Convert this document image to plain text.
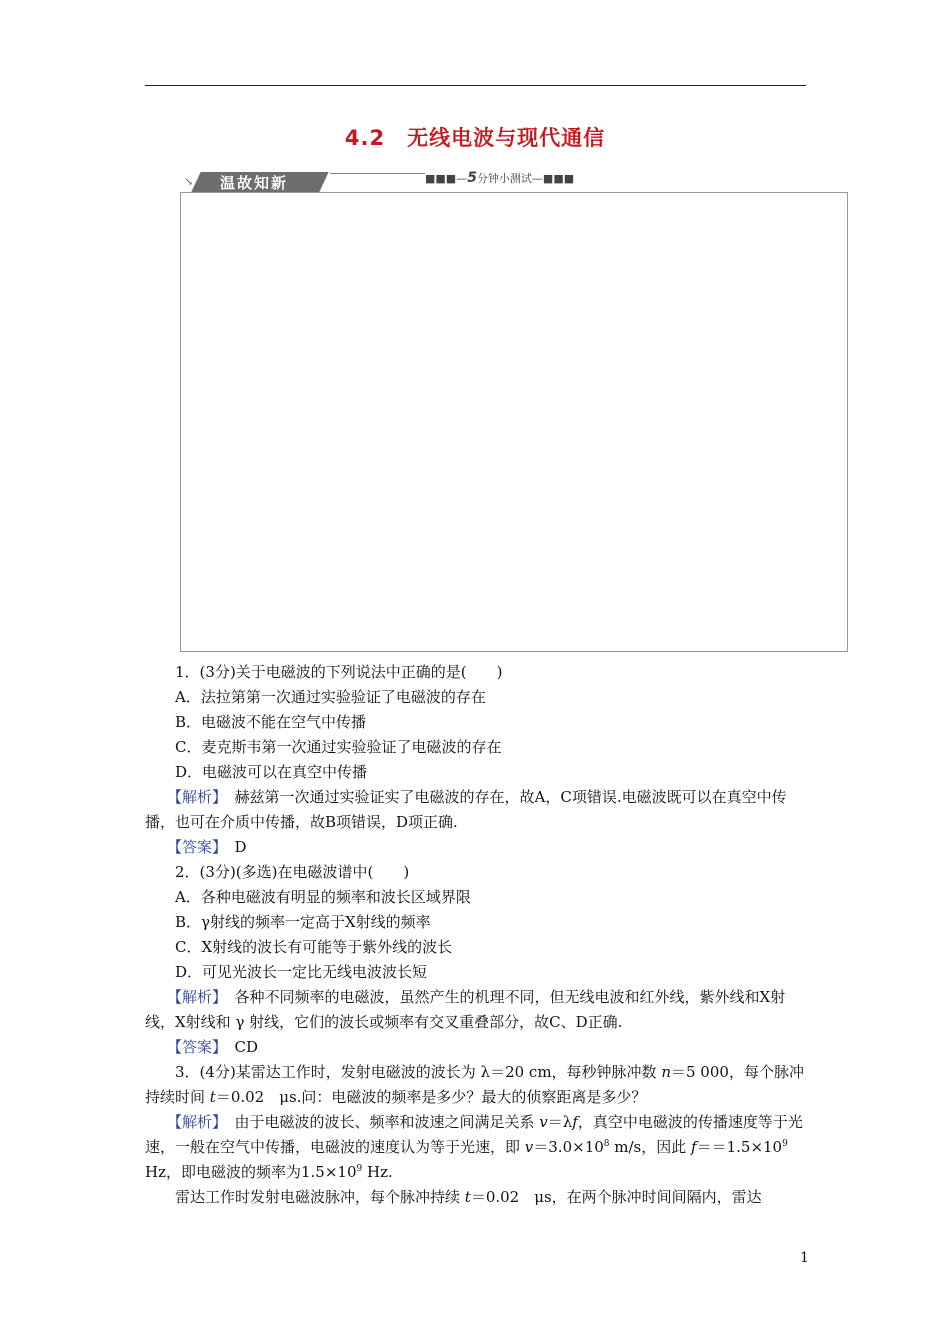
4.2　无线电波与现代通信
↘ 温故知新	■■■—5分钟小测试—■■■

1．(3分)关于电磁波的下列说法中正确的是(　　)

A．法拉第第一次通过实验验证了电磁波的存在

B．电磁波不能在空气中传播

C．麦克斯韦第一次通过实验验证了电磁波的存在

D．电磁波可以在真空中传播

【解析】　赫兹第一次通过实验证实了电磁波的存在，故A，C项错误.电磁波既可以在真空中传播，也可在介质中传播，故B项错误，D项正确.

【答案】　D

2．(3分)(多选)在电磁波谱中(　　)

A．各种电磁波有明显的频率和波长区域界限

B．γ射线的频率一定高于X射线的频率

C．X射线的波长有可能等于紫外线的波长

D．可见光波长一定比无线电波波长短

【解析】　各种不同频率的电磁波，虽然产生的机理不同，但无线电波和红外线，紫外线和X射线，X射线和 γ 射线，它们的波长或频率有交叉重叠部分，故C、D正确.

【答案】　CD

3．(4分)某雷达工作时，发射电磁波的波长为 λ＝20 cm，每秒钟脉冲数 n＝5 000，每个脉冲持续时间 t＝0.02　μs.问：电磁波的频率是多少？最大的侦察距离是多少？

【解析】　由于电磁波的波长、频率和波速之间满足关系 v＝λf，真空中电磁波的传播速度等于光速，一般在空气中传播，电磁波的速度认为等于光速，即 $v=3.0\times 10^8$ m/s，因此 $f==1.5\times 10^9$ Hz，即电磁波的频率为$1.5\times 10^9$ Hz.

雷达工作时发射电磁波脉冲，每个脉冲持续 t＝0.02　μs，在两个脉冲时间间隔内，雷达

1
